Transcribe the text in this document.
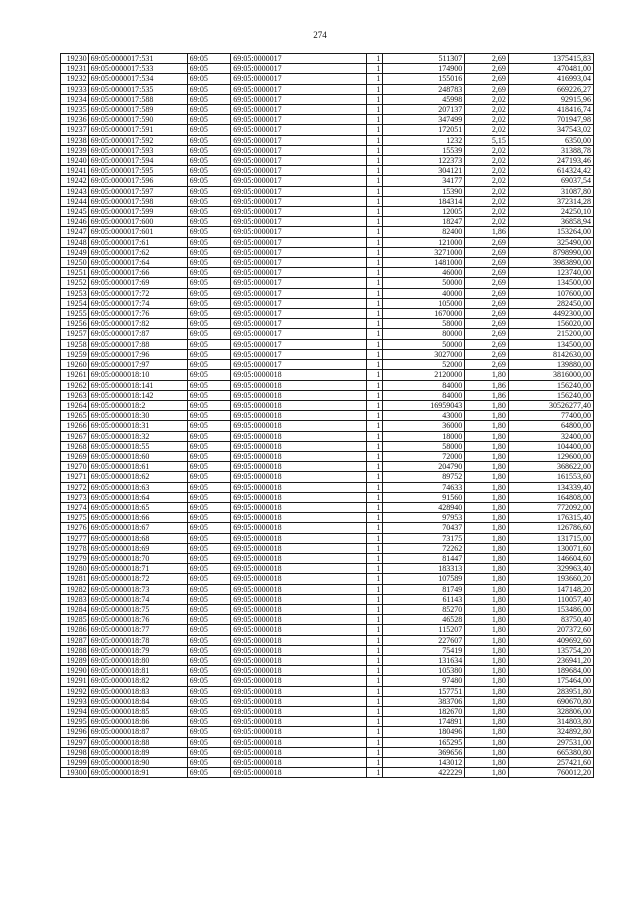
274
19230	69:05:0000017:531	69:05	69:05:0000017	1	511307	2,69	1375415,83
19231	69:05:0000017:533	69:05	69:05:0000017	1	174900	2,69	470481,00
19232	69:05:0000017:534	69:05	69:05:0000017	1	155016	2,69	416993,04
19233	69:05:0000017:535	69:05	69:05:0000017	1	248783	2,69	669226,27
19234	69:05:0000017:588	69:05	69:05:0000017	1	45998	2,02	92915,96
19235	69:05:0000017:589	69:05	69:05:0000017	1	207137	2,02	418416,74
19236	69:05:0000017:590	69:05	69:05:0000017	1	347499	2,02	701947,98
19237	69:05:0000017:591	69:05	69:05:0000017	1	172051	2,02	347543,02
19238	69:05:0000017:592	69:05	69:05:0000017	1	1232	5,15	6350,00
19239	69:05:0000017:593	69:05	69:05:0000017	1	15539	2,02	31388,78
19240	69:05:0000017:594	69:05	69:05:0000017	1	122373	2,02	247193,46
19241	69:05:0000017:595	69:05	69:05:0000017	1	304121	2,02	614324,42
19242	69:05:0000017:596	69:05	69:05:0000017	1	34177	2,02	69037,54
19243	69:05:0000017:597	69:05	69:05:0000017	1	15390	2,02	31087,80
19244	69:05:0000017:598	69:05	69:05:0000017	1	184314	2,02	372314,28
19245	69:05:0000017:599	69:05	69:05:0000017	1	12005	2,02	24250,10
19246	69:05:0000017:600	69:05	69:05:0000017	1	18247	2,02	36858,94
19247	69:05:0000017:601	69:05	69:05:0000017	1	82400	1,86	153264,00
19248	69:05:0000017:61	69:05	69:05:0000017	1	121000	2,69	325490,00
19249	69:05:0000017:62	69:05	69:05:0000017	1	3271000	2,69	8798990,00
19250	69:05:0000017:64	69:05	69:05:0000017	1	1481000	2,69	3983890,00
19251	69:05:0000017:66	69:05	69:05:0000017	1	46000	2,69	123740,00
19252	69:05:0000017:69	69:05	69:05:0000017	1	50000	2,69	134500,00
19253	69:05:0000017:72	69:05	69:05:0000017	1	40000	2,69	107600,00
19254	69:05:0000017:74	69:05	69:05:0000017	1	105000	2,69	282450,00
19255	69:05:0000017:76	69:05	69:05:0000017	1	1670000	2,69	4492300,00
19256	69:05:0000017:82	69:05	69:05:0000017	1	58000	2,69	156020,00
19257	69:05:0000017:87	69:05	69:05:0000017	1	80000	2,69	215200,00
19258	69:05:0000017:88	69:05	69:05:0000017	1	50000	2,69	134500,00
19259	69:05:0000017:96	69:05	69:05:0000017	1	3027000	2,69	8142630,00
19260	69:05:0000017:97	69:05	69:05:0000017	1	52000	2,69	139880,00
19261	69:05:0000018:10	69:05	69:05:0000018	1	2120000	1,80	3816000,00
19262	69:05:0000018:141	69:05	69:05:0000018	1	84000	1,86	156240,00
19263	69:05:0000018:142	69:05	69:05:0000018	1	84000	1,86	156240,00
19264	69:05:0000018:2	69:05	69:05:0000018	1	16959043	1,80	30526277,40
19265	69:05:0000018:30	69:05	69:05:0000018	1	43000	1,80	77400,00
19266	69:05:0000018:31	69:05	69:05:0000018	1	36000	1,80	64800,00
19267	69:05:0000018:32	69:05	69:05:0000018	1	18000	1,80	32400,00
19268	69:05:0000018:55	69:05	69:05:0000018	1	58000	1,80	104400,00
19269	69:05:0000018:60	69:05	69:05:0000018	1	72000	1,80	129600,00
19270	69:05:0000018:61	69:05	69:05:0000018	1	204790	1,80	368622,00
19271	69:05:0000018:62	69:05	69:05:0000018	1	89752	1,80	161553,60
19272	69:05:0000018:63	69:05	69:05:0000018	1	74633	1,80	134339,40
19273	69:05:0000018:64	69:05	69:05:0000018	1	91560	1,80	164808,00
19274	69:05:0000018:65	69:05	69:05:0000018	1	428940	1,80	772092,00
19275	69:05:0000018:66	69:05	69:05:0000018	1	97953	1,80	176315,40
19276	69:05:0000018:67	69:05	69:05:0000018	1	70437	1,80	126786,60
19277	69:05:0000018:68	69:05	69:05:0000018	1	73175	1,80	131715,00
19278	69:05:0000018:69	69:05	69:05:0000018	1	72262	1,80	130071,60
19279	69:05:0000018:70	69:05	69:05:0000018	1	81447	1,80	146604,60
19280	69:05:0000018:71	69:05	69:05:0000018	1	183313	1,80	329963,40
19281	69:05:0000018:72	69:05	69:05:0000018	1	107589	1,80	193660,20
19282	69:05:0000018:73	69:05	69:05:0000018	1	81749	1,80	147148,20
19283	69:05:0000018:74	69:05	69:05:0000018	1	61143	1,80	110057,40
19284	69:05:0000018:75	69:05	69:05:0000018	1	85270	1,80	153486,00
19285	69:05:0000018:76	69:05	69:05:0000018	1	46528	1,80	83750,40
19286	69:05:0000018:77	69:05	69:05:0000018	1	115207	1,80	207372,60
19287	69:05:0000018:78	69:05	69:05:0000018	1	227607	1,80	409692,60
19288	69:05:0000018:79	69:05	69:05:0000018	1	75419	1,80	135754,20
19289	69:05:0000018:80	69:05	69:05:0000018	1	131634	1,80	236941,20
19290	69:05:0000018:81	69:05	69:05:0000018	1	105380	1,80	189684,00
19291	69:05:0000018:82	69:05	69:05:0000018	1	97480	1,80	175464,00
19292	69:05:0000018:83	69:05	69:05:0000018	1	157751	1,80	283951,80
19293	69:05:0000018:84	69:05	69:05:0000018	1	383706	1,80	690670,80
19294	69:05:0000018:85	69:05	69:05:0000018	1	182670	1,80	328806,00
19295	69:05:0000018:86	69:05	69:05:0000018	1	174891	1,80	314803,80
19296	69:05:0000018:87	69:05	69:05:0000018	1	180496	1,80	324892,80
19297	69:05:0000018:88	69:05	69:05:0000018	1	165295	1,80	297531,00
19298	69:05:0000018:89	69:05	69:05:0000018	1	369656	1,80	665380,80
19299	69:05:0000018:90	69:05	69:05:0000018	1	143012	1,80	257421,60
19300	69:05:0000018:91	69:05	69:05:0000018	1	422229	1,80	760012,20
